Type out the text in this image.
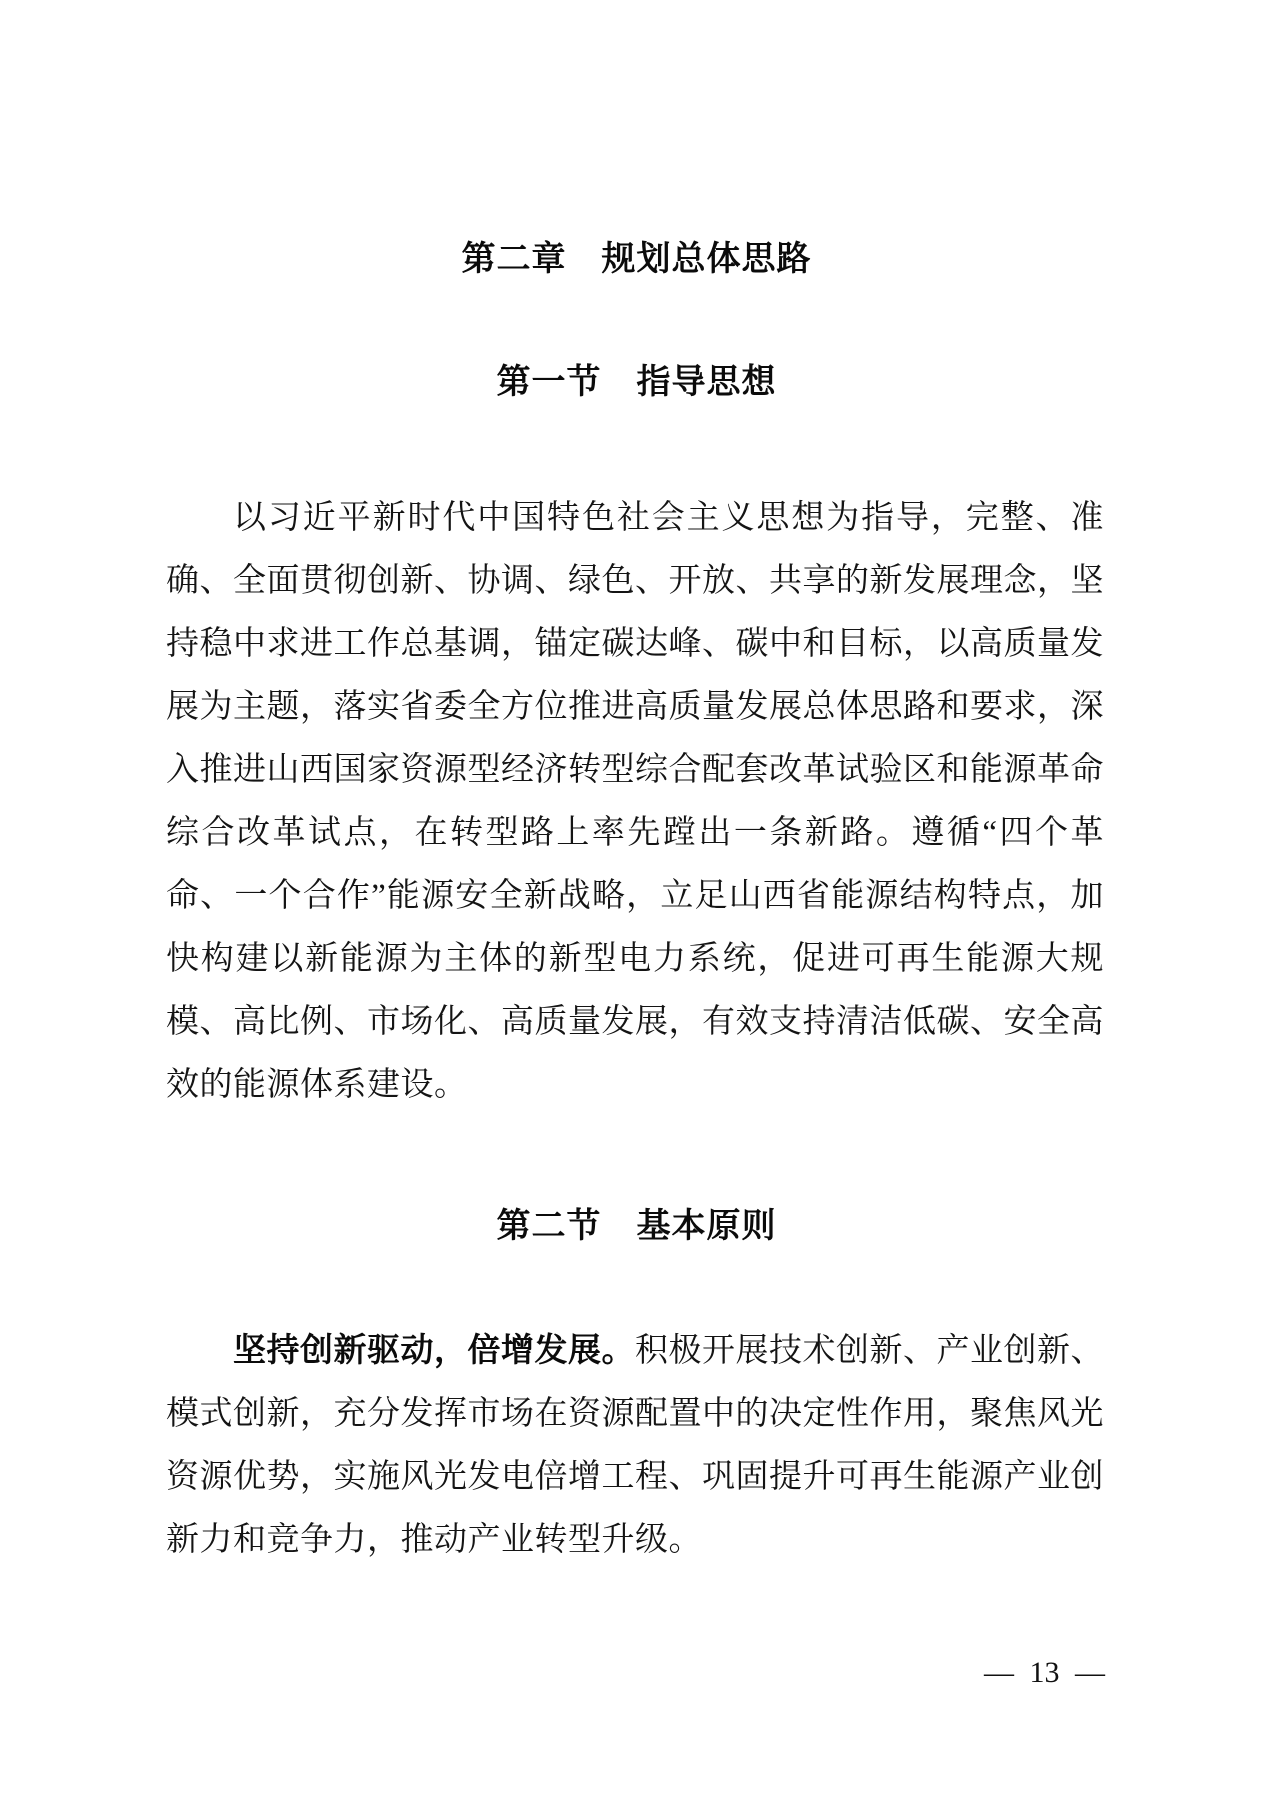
第二章　规划总体思路
第一节　指导思想

以习近平新时代中国特色社会主义思想为指导，完整、准确、全面贯彻创新、协调、绿色、开放、共享的新发展理念，坚持稳中求进工作总基调，锚定碳达峰、碳中和目标，以高质量发展为主题，落实省委全方位推进高质量发展总体思路和要求，深入推进山西国家资源型经济转型综合配套改革试验区和能源革命综合改革试点，在转型路上率先蹚出一条新路。遵循“四个革命、一个合作”能源安全新战略，立足山西省能源结构特点，加快构建以新能源为主体的新型电力系统，促进可再生能源大规模、高比例、市场化、高质量发展，有效支持清洁低碳、安全高效的能源体系建设。

第二节　基本原则

坚持创新驱动，倍增发展。积极开展技术创新、产业创新、模式创新，充分发挥市场在资源配置中的决定性作用，聚焦风光资源优势，实施风光发电倍增工程、巩固提升可再生能源产业创新力和竞争力，推动产业转型升级。

— 13 —
